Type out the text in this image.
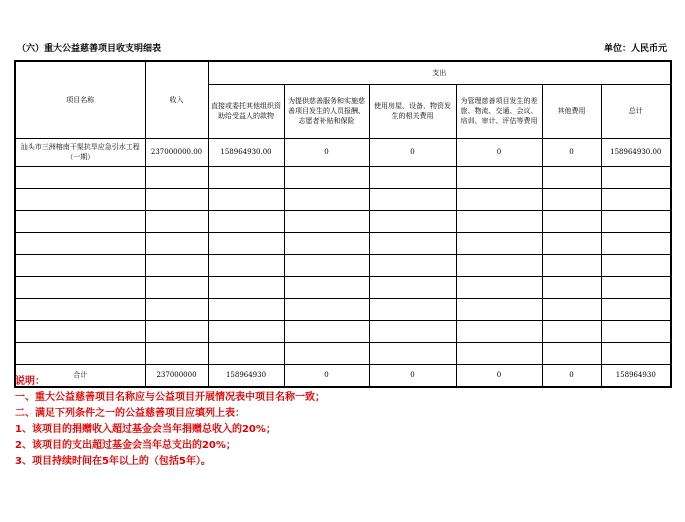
（六）重大公益慈善项目收支明细表	单位：人民币元
项目名称	收入	支出					
		直接或委托其他组织资助给受益人的款物	为提供慈善服务和实施慈善项目发生的人员报酬、志愿者补贴和保险	使用房屋、设备、物资发生的相关费用	为管理慈善项目发生的差旅、物流、交通、会议、培训、审计、评估等费用	其他费用	总计
汕头市三洲榕南干渠抗旱应急引水工程（一期）	237000000.00	158964930.00	0	0	0	0	158964930.00

合计	237000000	158964930	0	0	0	0	158964930
说明：
一、重大公益慈善项目名称应与公益项目开展情况表中项目名称一致；
二、满足下列条件之一的公益慈善项目应填列上表：
1、该项目的捐赠收入超过基金会当年捐赠总收入的20%；
2、该项目的支出超过基金会当年总支出的20%；
3、项目持续时间在5年以上的（包括5年）。
